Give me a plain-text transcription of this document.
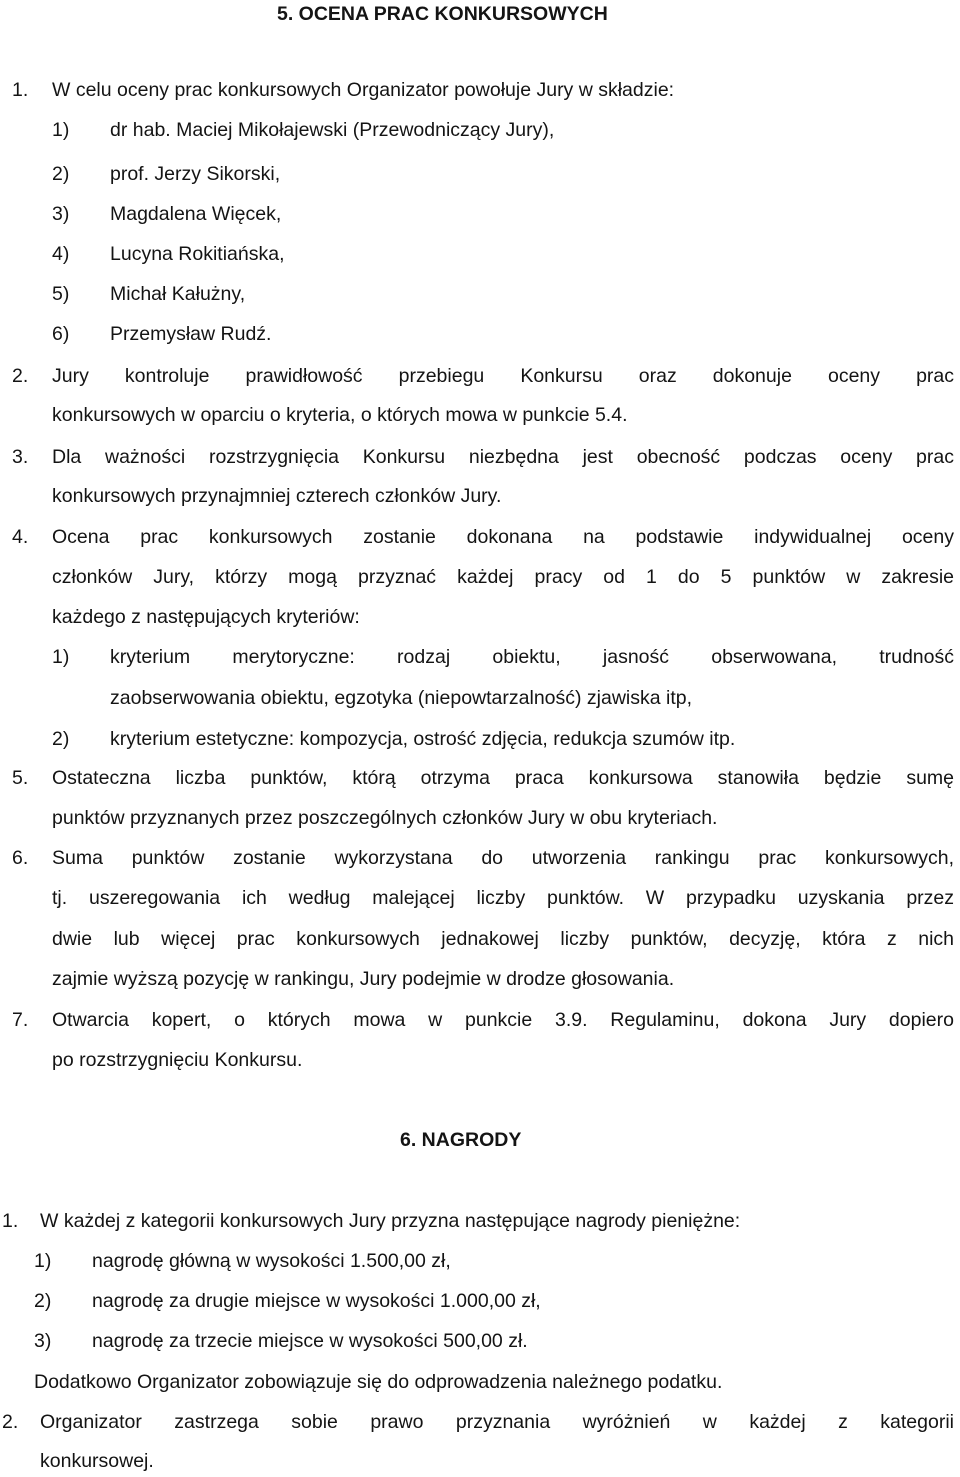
5. OCENA PRAC KONKURSOWYCH
1. W celu oceny prac konkursowych Organizator powołuje Jury w składzie:
1) dr hab. Maciej Mikołajewski (Przewodniczący Jury),
2) prof. Jerzy Sikorski,
3) Magdalena Więcek,
4) Lucyna Rokitiańska,
5) Michał Kałużny,
6) Przemysław Rudź.
2. Jury kontroluje prawidłowość przebiegu Konkursu oraz dokonuje oceny prac
konkursowych w oparciu o kryteria, o których mowa w punkcie 5.4.
3. Dla ważności rozstrzygnięcia Konkursu niezbędna jest obecność podczas oceny prac
konkursowych przynajmniej czterech członków Jury.
4. Ocena prac konkursowych zostanie dokonana na podstawie indywidualnej oceny
członków Jury, którzy mogą przyznać każdej pracy od 1 do 5 punktów w zakresie
każdego z następujących kryteriów:
1) kryterium merytoryczne: rodzaj obiektu, jasność obserwowana, trudność
zaobserwowania obiektu, egzotyka (niepowtarzalność) zjawiska itp,
2) kryterium estetyczne: kompozycja, ostrość zdjęcia, redukcja szumów itp.
5. Ostateczna liczba punktów, którą otrzyma praca konkursowa stanowiła będzie sumę
punktów przyznanych przez poszczególnych członków Jury w obu kryteriach.
6. Suma punktów zostanie wykorzystana do utworzenia rankingu prac konkursowych,
tj. uszeregowania ich według malejącej liczby punktów. W przypadku uzyskania przez
dwie lub więcej prac konkursowych jednakowej liczby punktów, decyzję, która z nich
zajmie wyższą pozycję w rankingu, Jury podejmie w drodze głosowania.
7. Otwarcia kopert, o których mowa w punkcie 3.9. Regulaminu, dokona Jury dopiero
po rozstrzygnięciu Konkursu.
6. NAGRODY
1. W każdej z kategorii konkursowych Jury przyzna następujące nagrody pieniężne:
1) nagrodę główną w wysokości 1.500,00 zł,
2) nagrodę za drugie miejsce w wysokości 1.000,00 zł,
3) nagrodę za trzecie miejsce w wysokości 500,00 zł.
Dodatkowo Organizator zobowiązuje się do odprowadzenia należnego podatku.
2. Organizator zastrzega sobie prawo przyznania wyróżnień w każdej z kategorii
konkursowej.
